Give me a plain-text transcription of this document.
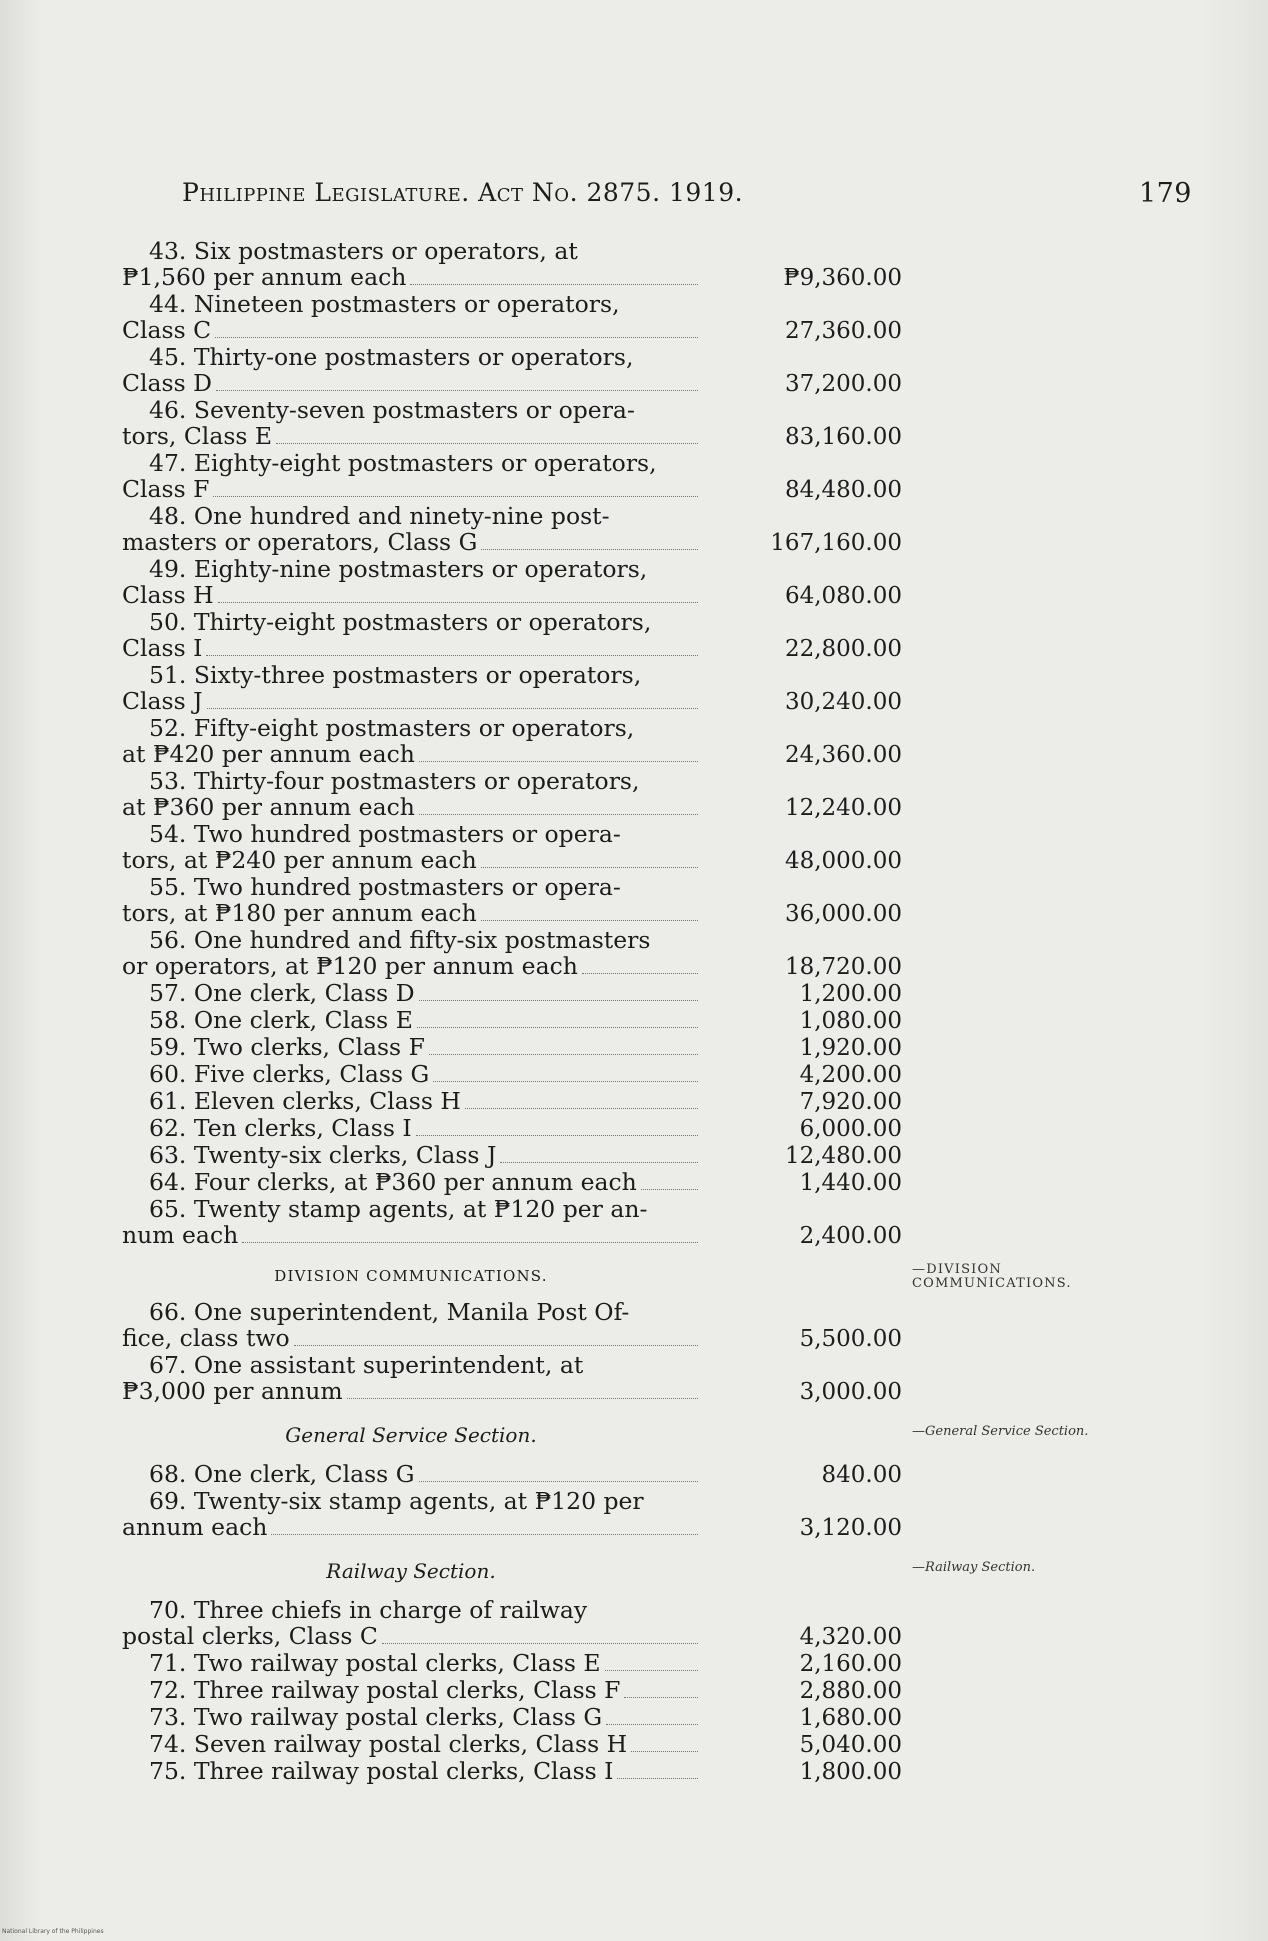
Philippine Legislature. Act No. 2875. 1919.	179
43. Six postmasters or operators, at
₱1,560 per annum each	₱9,360.00
44. Nineteen postmasters or operators,
Class C	27,360.00
45. Thirty-one postmasters or operators,
Class D	37,200.00
46. Seventy-seven postmasters or opera-
tors, Class E	83,160.00
47. Eighty-eight postmasters or operators,
Class F	84,480.00
48. One hundred and ninety-nine post-
masters or operators, Class G	167,160.00
49. Eighty-nine postmasters or operators,
Class H	64,080.00
50. Thirty-eight postmasters or operators,
Class I	22,800.00
51. Sixty-three postmasters or operators,
Class J	30,240.00
52. Fifty-eight postmasters or operators,
at ₱420 per annum each	24,360.00
53. Thirty-four postmasters or operators,
at ₱360 per annum each	12,240.00
54. Two hundred postmasters or opera-
tors, at ₱240 per annum each	48,000.00
55. Two hundred postmasters or opera-
tors, at ₱180 per annum each	36,000.00
56. One hundred and fifty-six postmasters
or operators, at ₱120 per annum each	18,720.00
57. One clerk, Class D	1,200.00
58. One clerk, Class E	1,080.00
59. Two clerks, Class F	1,920.00
60. Five clerks, Class G	4,200.00
61. Eleven clerks, Class H	7,920.00
62. Ten clerks, Class I	6,000.00
63. Twenty-six clerks, Class J	12,480.00
64. Four clerks, at ₱360 per annum each	1,440.00
65. Twenty stamp agents, at ₱120 per an-
num each	2,400.00
DIVISION COMMUNICATIONS.	—DIVISION COMMUNICATIONS.
66. One superintendent, Manila Post Of-
fice, class two	5,500.00
67. One assistant superintendent, at
₱3,000 per annum	3,000.00
General Service Section.	—General Service Section.
68. One clerk, Class G	840.00
69. Twenty-six stamp agents, at ₱120 per
annum each	3,120.00
Railway Section.	—Railway Section.
70. Three chiefs in charge of railway
postal clerks, Class C	4,320.00
71. Two railway postal clerks, Class E	2,160.00
72. Three railway postal clerks, Class F	2,880.00
73. Two railway postal clerks, Class G	1,680.00
74. Seven railway postal clerks, Class H	5,040.00
75. Three railway postal clerks, Class I	1,800.00
National Library of the Philippines
